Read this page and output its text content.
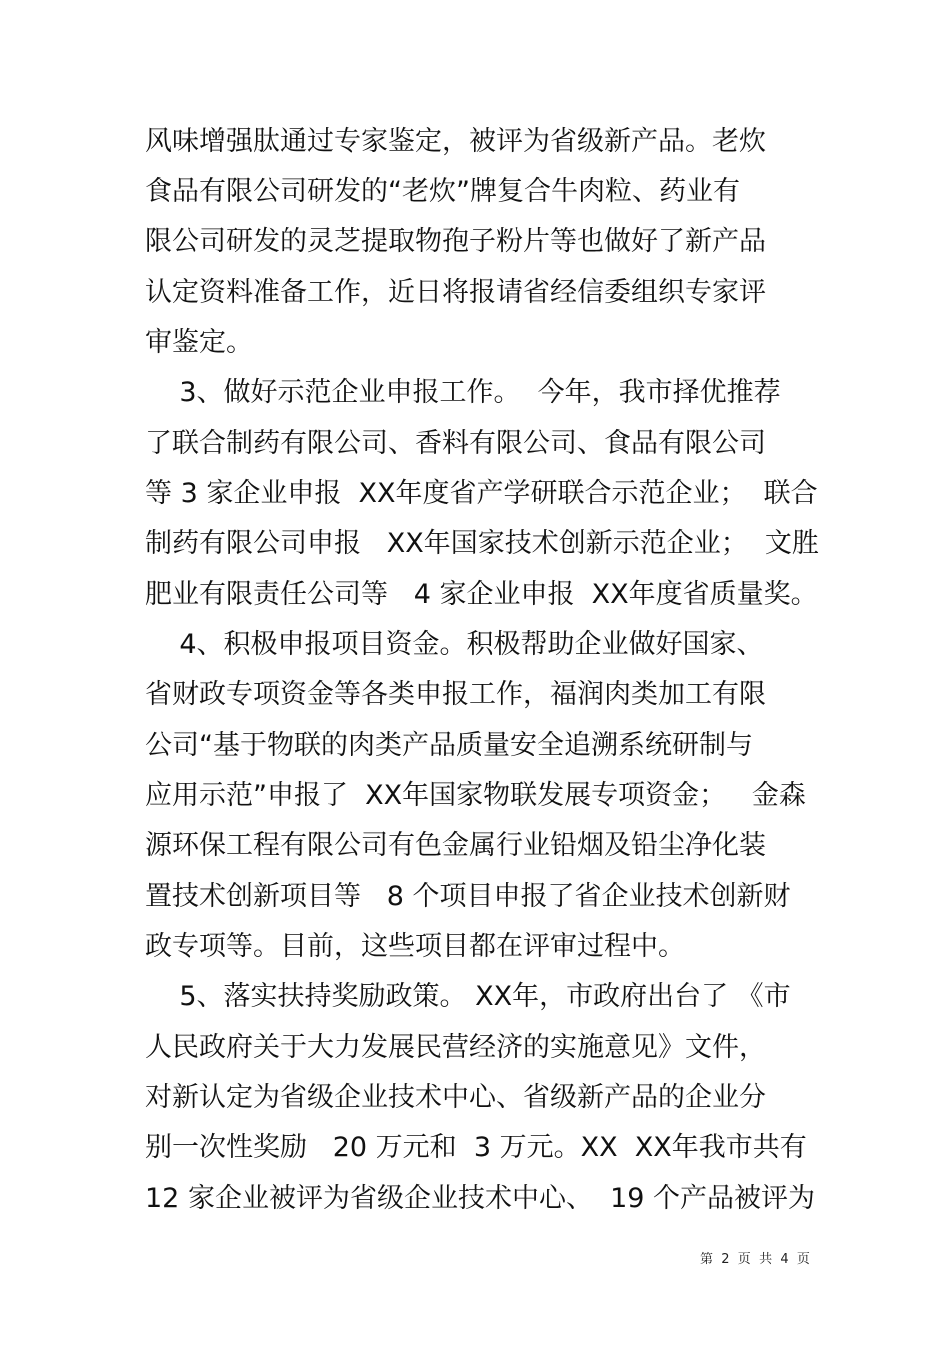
风味增强肽通过专家鉴定，被评为省级新产品。老炊
食品有限公司研发的“老炊”牌复合牛肉粒、药业有
限公司研发的灵芝提取物孢子粉片等也做好了新产品
认定资料准备工作，近日将报请省经信委组织专家评
审鉴定。
3、做好示范企业申报工作。  今年，我市择优推荐
了联合制药有限公司、香料有限公司、食品有限公司
等 3 家企业申报  XX年度省产学研联合示范企业；  联合
制药有限公司申报   XX年国家技术创新示范企业；  文胜
肥业有限责任公司等   4 家企业申报  XX年度省质量奖。
4、积极申报项目资金。积极帮助企业做好国家、
省财政专项资金等各类申报工作，福润肉类加工有限
公司“基于物联的肉类产品质量安全追溯系统研制与
应用示范”申报了  XX年国家物联发展专项资金；   金森
源环保工程有限公司有色金属行业铅烟及铅尘净化装
置技术创新项目等   8 个项目申报了省企业技术创新财
政专项等。目前，这些项目都在评审过程中。
5、落实扶持奖励政策。 XX年，市政府出台了 《市
人民政府关于大力发展民营经济的实施意见》文件，
对新认定为省级企业技术中心、省级新产品的企业分
别一次性奖励   20 万元和  3 万元。XX  XX年我市共有
12 家企业被评为省级企业技术中心、  19 个产品被评为
第  2  页  共  4  页
